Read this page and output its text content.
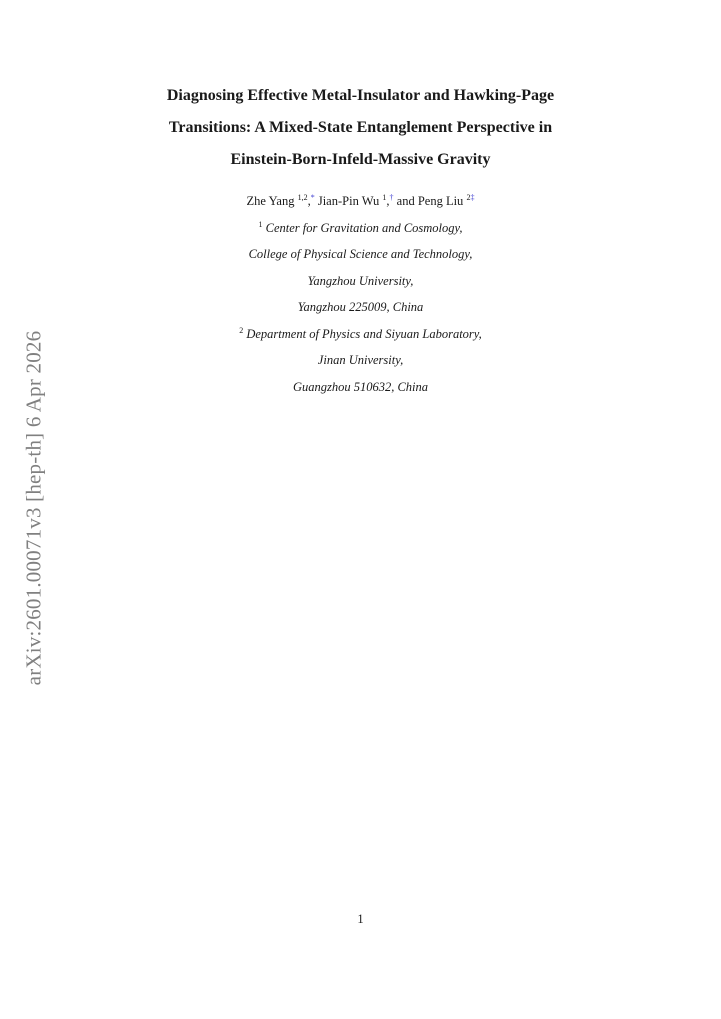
arXiv:2601.00071v3 [hep-th] 6 Apr 2026
Diagnosing Effective Metal-Insulator and Hawking-Page
Transitions: A Mixed-State Entanglement Perspective in
Einstein-Born-Infeld-Massive Gravity
Zhe Yang $^{1,2}$,* Jian-Pin Wu $^1$,† and Peng Liu $^{2\ddagger}$
$^1$ Center for Gravitation and Cosmology,
College of Physical Science and Technology,
Yangzhou University,
Yangzhou 225009, China
$^2$ Department of Physics and Siyuan Laboratory,
Jinan University,
Guangzhou 510632, China
1
